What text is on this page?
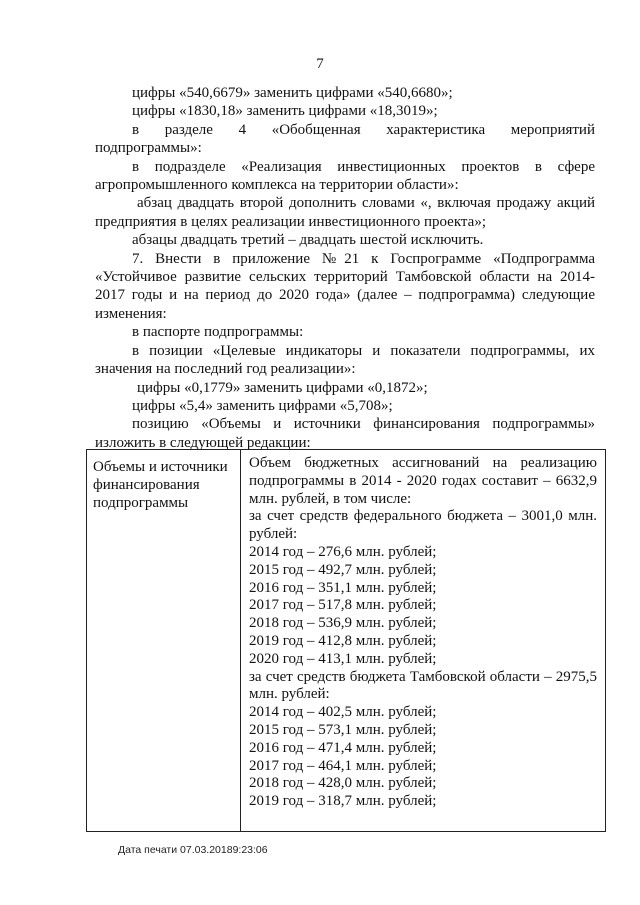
7

цифры «540,6679» заменить цифрами «540,6680»;

цифры «1830,18» заменить цифрами «18,3019»;

в разделе 4 «Обобщенная характеристика мероприятий подпрограммы»:

в подразделе «Реализация инвестиционных проектов в сфере агропромышленного комплекса на территории области»:

абзац двадцать второй дополнить словами «, включая продажу акций предприятия в целях реализации инвестиционного проекта»;

абзацы двадцать третий – двадцать шестой исключить.

7. Внести в приложение №21 к Госпрограмме «Подпрограмма «Устойчивое развитие сельских территорий Тамбовской области на 2014-2017 годы и на период до 2020 года» (далее – подпрограмма) следующие изменения:

в паспорте подпрограммы:

в позиции «Целевые индикаторы и показатели подпрограммы, их значения на последний год реализации»:

цифры «0,1779» заменить цифрами «0,1872»;

цифры «5,4» заменить цифрами «5,708»;

позицию «Объемы и источники финансирования подпрограммы» изложить в следующей редакции:

Объемы и источники финансирования подпрограммы

Объем бюджетных ассигнований на реализацию подпрограммы в 2014 - 2020 годах составит – 6632,9 млн. рублей, в том числе:

за счет средств федерального бюджета – 3001,0 млн. рублей:

2014 год – 276,6 млн. рублей;

2015 год – 492,7 млн. рублей;

2016 год – 351,1 млн. рублей;

2017 год – 517,8 млн. рублей;

2018 год – 536,9 млн. рублей;

2019 год – 412,8 млн. рублей;

2020 год – 413,1 млн. рублей;

за счет средств бюджета Тамбовской области – 2975,5 млн. рублей:

2014 год – 402,5 млн. рублей;

2015 год – 573,1 млн. рублей;

2016 год – 471,4 млн. рублей;

2017 год – 464,1 млн. рублей;

2018 год – 428,0 млн. рублей;

2019 год – 318,7 млн. рублей;

Дата печати 07.03.20189:23:06
